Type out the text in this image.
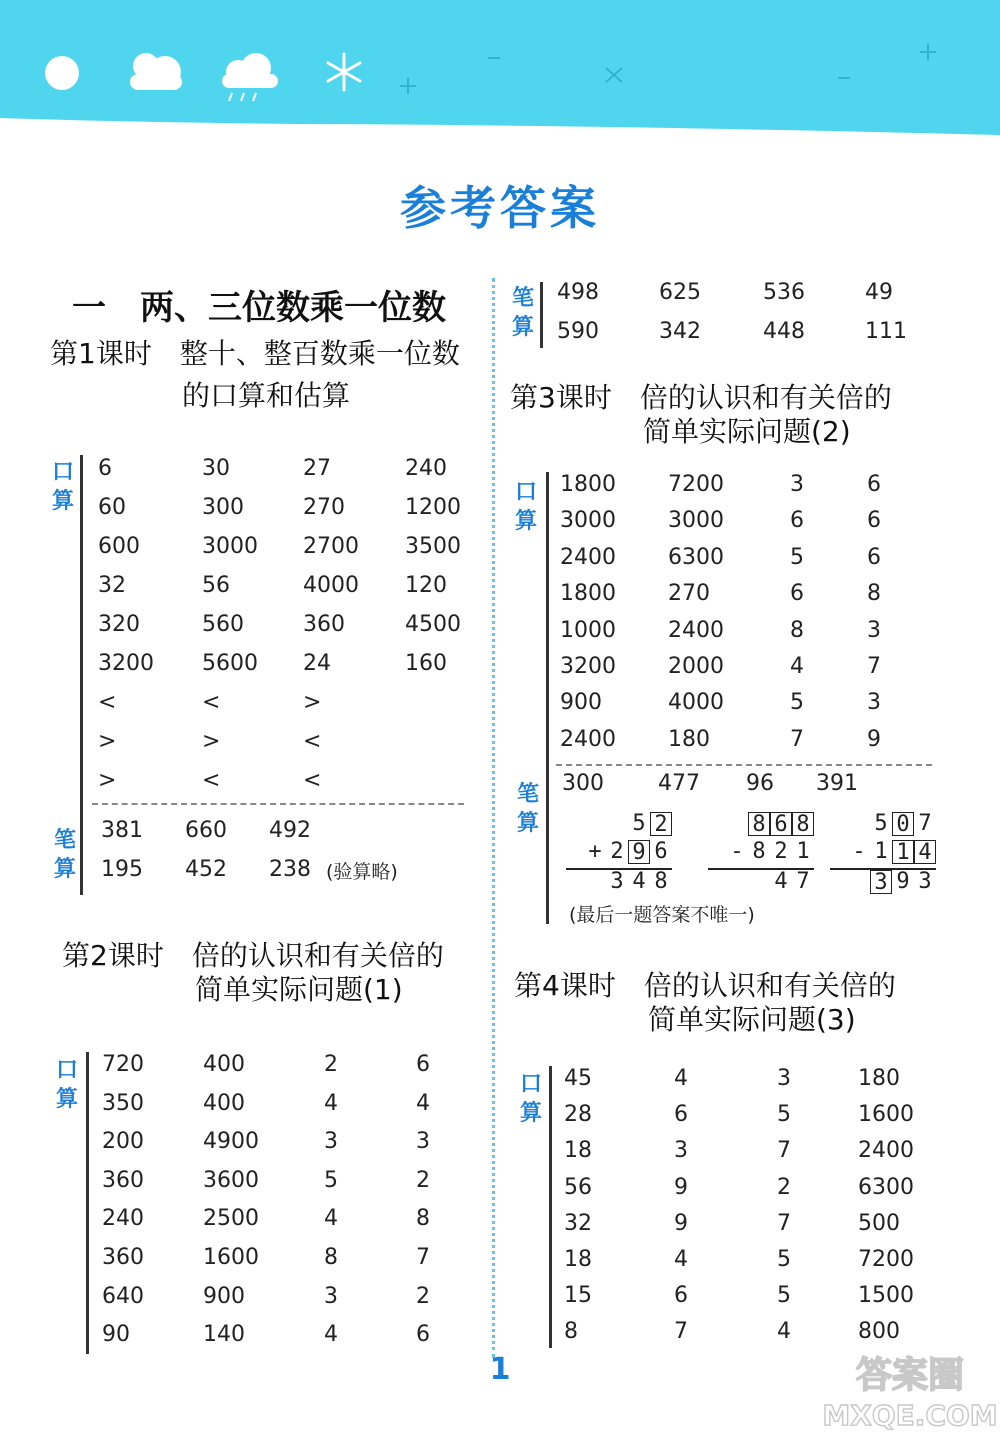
参考答案
一　两、三位数乘一位数
第1课时　整十、整百数乘一位数
的口算和估算
口
算
6	30	27	240
60	300	270	1200
600	3000	2700	3500
32	56	4000	120
320	560	360	4500
3200	5600	24	160
<	<	>
>	>	<
>	<	<
笔
算
381	660	492
195	452	238 (验算略)
第2课时　倍的认识和有关倍的
简单实际问题(1)
口
算
720	400	2	6
350	400	4	4
200	4900	3	3
360	3600	5	2
240	2500	4	8
360	1600	8	7
640	900	3	2
90	140	4	6
笔
算
498	625	536	49
590	342	448	111
第3课时　倍的认识和有关倍的
简单实际问题(2)
口
算
1800	7200	3	6
3000	3000	6	6
2400	6300	5	6
1800	270	6	8
1000	2400	8	3
3200	2000	4	7
900	4000	5	3
2400	180	7	9
笔
算
300	477	96	391
5 2
+ 2 9 6
3 4 8
8 6 8
- 8 2 1
4 7
5 0 7
- 1 1 4
3 9 3
(最后一题答案不唯一)
第4课时　倍的认识和有关倍的
简单实际问题(3)
口
算
45	4	3	180
28	6	5	1600
18	3	7	2400
56	9	2	6300
32	9	7	500
18	4	5	7200
15	6	5	1500
8	7	4	800
1	答案圈
MXQE.COM
